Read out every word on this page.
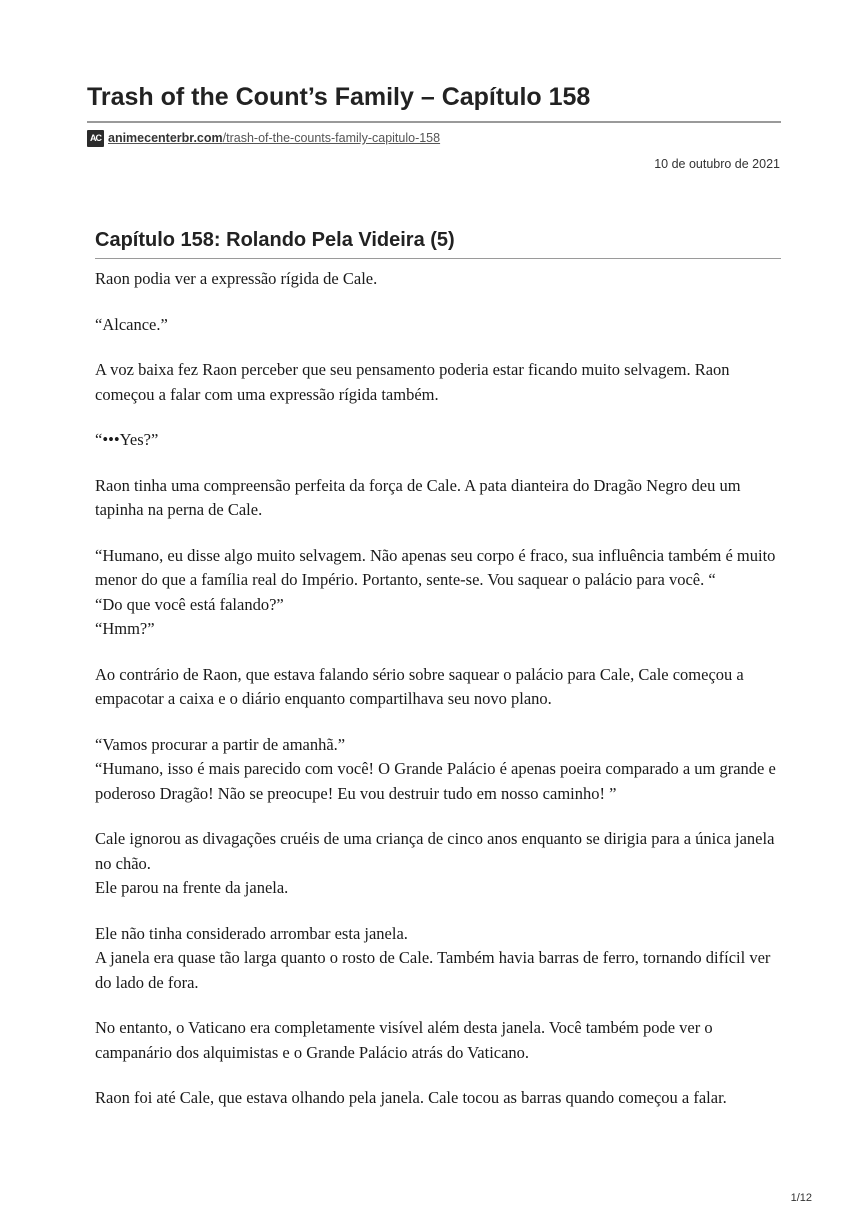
Trash of the Count’s Family – Capítulo 158
AC animecenterbr.com/trash-of-the-counts-family-capitulo-158
10 de outubro de 2021
Capítulo 158: Rolando Pela Videira (5)

Raon podia ver a expressão rígida de Cale.

“Alcance.”

A voz baixa fez Raon perceber que seu pensamento poderia estar ficando muito selvagem. Raon começou a falar com uma expressão rígida também.

“•••Yes?”

Raon tinha uma compreensão perfeita da força de Cale. A pata dianteira do Dragão Negro deu um tapinha na perna de Cale.

“Humano, eu disse algo muito selvagem. Não apenas seu corpo é fraco, sua influência também é muito menor do que a família real do Império. Portanto, sente-se. Vou saquear o palácio para você. “
“Do que você está falando?”
“Hmm?”

Ao contrário de Raon, que estava falando sério sobre saquear o palácio para Cale, Cale começou a empacotar a caixa e o diário enquanto compartilhava seu novo plano.

“Vamos procurar a partir de amanhã.”
“Humano, isso é mais parecido com você! O Grande Palácio é apenas poeira comparado a um grande e poderoso Dragão! Não se preocupe! Eu vou destruir tudo em nosso caminho! ”

Cale ignorou as divagações cruéis de uma criança de cinco anos enquanto se dirigia para a única janela no chão.
Ele parou na frente da janela.

Ele não tinha considerado arrombar esta janela.
A janela era quase tão larga quanto o rosto de Cale. Também havia barras de ferro, tornando difícil ver do lado de fora.

No entanto, o Vaticano era completamente visível além desta janela. Você também pode ver o campanário dos alquimistas e o Grande Palácio atrás do Vaticano.

Raon foi até Cale, que estava olhando pela janela. Cale tocou as barras quando começou a falar.

1/12
